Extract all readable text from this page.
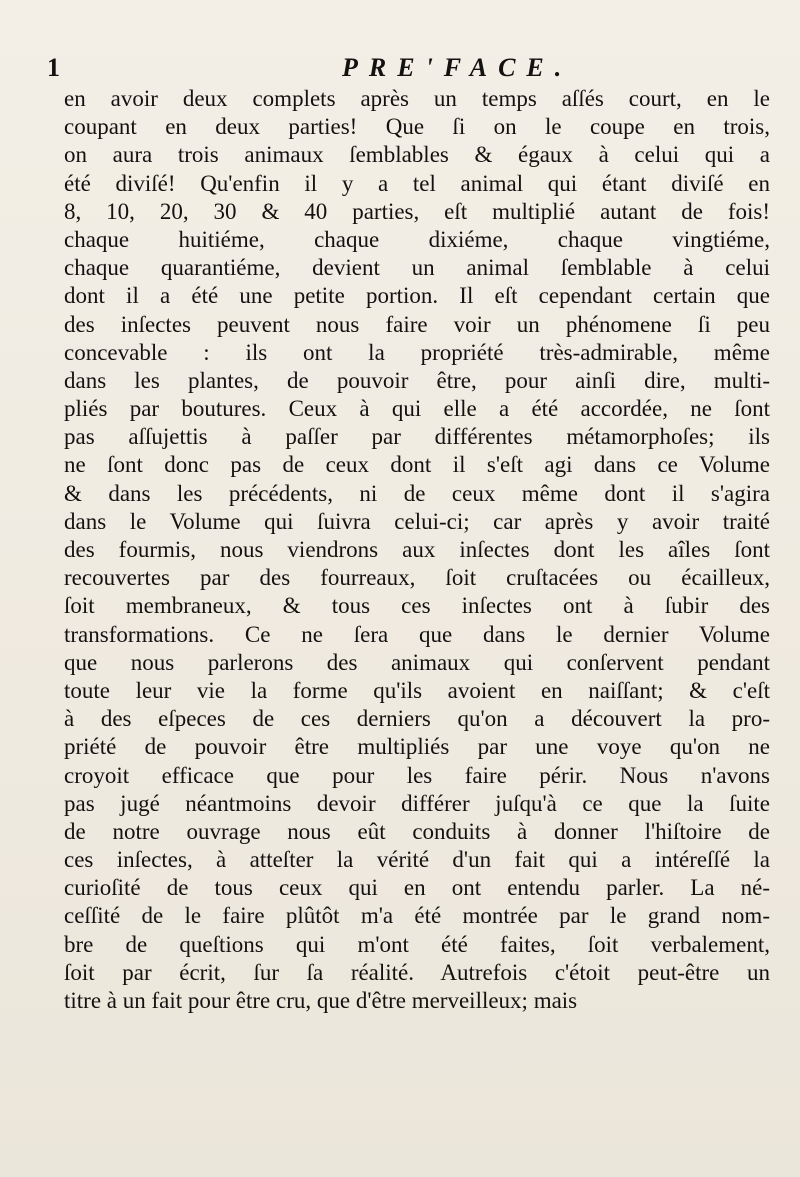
1	PRE'FACE.
en avoir deux complets après un temps aſſés court, en le
coupant en deux parties! Que ſi on le coupe en trois,
on aura trois animaux ſemblables & égaux à celui qui a
été diviſé! Qu'enfin il y a tel animal qui étant diviſé en
8, 10, 20, 30 & 40 parties, eſt multiplié autant de fois!
chaque huitiéme, chaque dixiéme, chaque vingtiéme,
chaque quarantiéme, devient un animal ſemblable à celui
dont il a été une petite portion. Il eſt cependant certain que
des inſectes peuvent nous faire voir un phénomene ſi peu
concevable : ils ont la propriété très-admirable, même
dans les plantes, de pouvoir être, pour ainſi dire, multi-
pliés par boutures. Ceux à qui elle a été accordée, ne ſont
pas aſſujettis à paſſer par différentes métamorphoſes; ils
ne ſont donc pas de ceux dont il s'eſt agi dans ce Volume
& dans les précédents, ni de ceux même dont il s'agira
dans le Volume qui ſuivra celui-ci; car après y avoir traité
des fourmis, nous viendrons aux inſectes dont les aîles ſont
recouvertes par des fourreaux, ſoit cruſtacées ou écailleux,
ſoit membraneux, & tous ces inſectes ont à ſubir des
transformations. Ce ne ſera que dans le dernier Volume
que nous parlerons des animaux qui conſervent pendant
toute leur vie la forme qu'ils avoient en naiſſant; & c'eſt
à des eſpeces de ces derniers qu'on a découvert la pro-
priété de pouvoir être multipliés par une voye qu'on ne
croyoit efficace que pour les faire périr. Nous n'avons
pas jugé néantmoins devoir différer juſqu'à ce que la ſuite
de notre ouvrage nous eût conduits à donner l'hiſtoire de
ces inſectes, à atteſter la vérité d'un fait qui a intéreſſé la
curioſité de tous ceux qui en ont entendu parler. La né-
ceſſité de le faire plûtôt m'a été montrée par le grand nom-
bre de queſtions qui m'ont été faites, ſoit verbalement,
ſoit par écrit, ſur ſa réalité. Autrefois c'étoit peut-être un
titre à un fait pour être cru, que d'être merveilleux; mais
